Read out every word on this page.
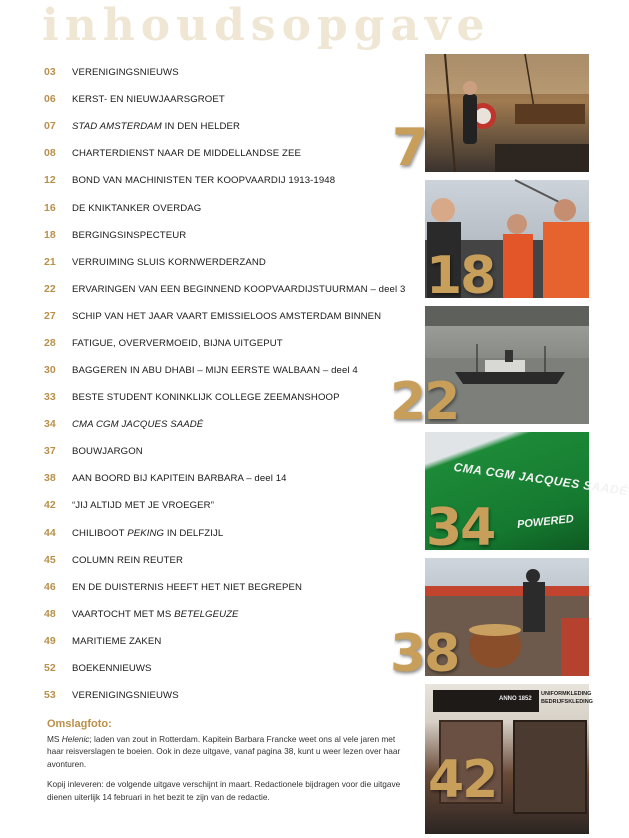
inhoudsopgave
03	VERENIGINGSNIEUWS
06	KERST- EN NIEUWJAARSGROET
07	STAD AMSTERDAM IN DEN HELDER
08	CHARTERDIENST NAAR DE MIDDELLANDSE ZEE
12	BOND VAN MACHINISTEN TER KOOPVAARDIJ 1913-1948
16	DE KNIKTANKER OVERDAG
18	BERGINGSINSPECTEUR
21	VERRUIMING SLUIS KORNWERDERZAND
22	ERVARINGEN VAN EEN BEGINNEND KOOPVAARDIJSTUURMAN – deel 3
27	SCHIP VAN HET JAAR VAART EMISSIELOOS AMSTERDAM BINNEN
28	FATIGUE, OVERVERMOEID, BIJNA UITGEPUT
30	BAGGEREN IN ABU DHABI – MIJN EERSTE WALBAAN – deel 4
33	BESTE STUDENT KONINKLIJK COLLEGE ZEEMANSHOOP
34	CMA CGM JACQUES SAADÉ
37	BOUWJARGON
38	AAN BOORD BIJ KAPITEIN BARBARA – deel 14
42	“JIJ ALTIJD MET JE VROEGER”
44	CHILIBOOT PEKING IN DELFZIJL
45	COLUMN REIN REUTER
46	EN DE DUISTERNIS HEEFT HET NIET BEGREPEN
48	VAARTOCHT MET MS BETELGEUZE
49	MARITIEME ZAKEN
52	BOEKENNIEUWS
53	VERENIGINGSNIEUWS
CMA CGM JACQUES SAADÉ
POWERED
ANNO 1852
UNIFORMKLEDING
BEDRIJFSKLEDING
7
18
22
34
38
42
Omslagfoto:

MS Helenic; laden van zout in Rotterdam. Kapitein Barbara Francke weet ons al vele jaren met haar reisverslagen te boeien. Ook in deze uitgave, vanaf pagina 38, kunt u weer lezen over haar avonturen.

Kopij inleveren: de volgende uitgave verschijnt in maart. Redactionele bijdragen voor die uitgave dienen uiterlijk 14 februari in het bezit te zijn van de redactie.
